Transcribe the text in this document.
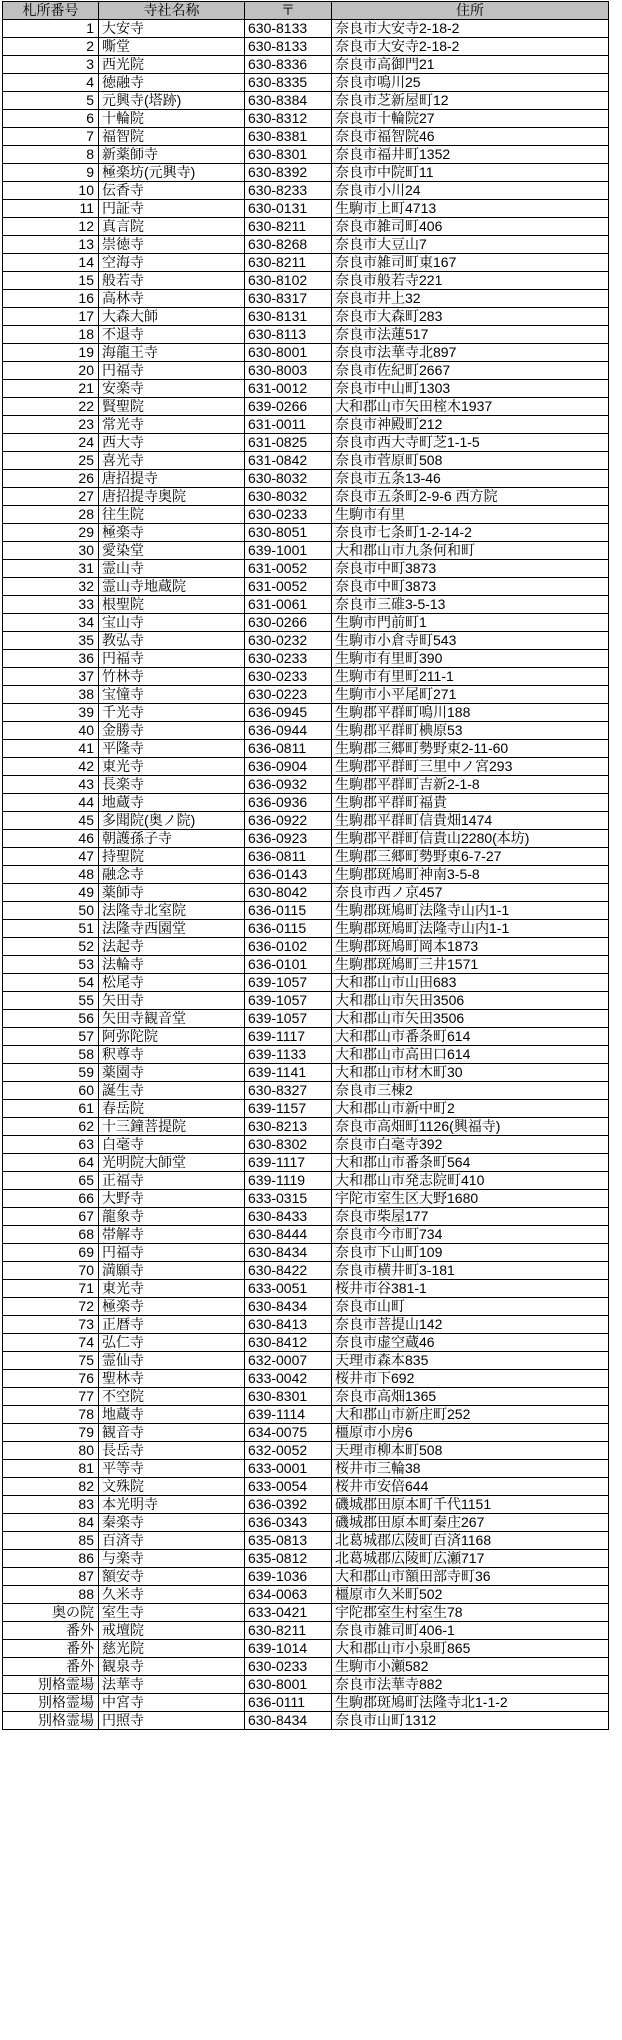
札所番号	寺社名称	〒	住所
1	大安寺	630-8133	奈良市大安寺2-18-2
2	嘶堂	630-8133	奈良市大安寺2-18-2
3	西光院	630-8336	奈良市高御門21
4	徳融寺	630-8335	奈良市鳴川25
5	元興寺(塔跡)	630-8384	奈良市芝新屋町12
6	十輪院	630-8312	奈良市十輪院27
7	福智院	630-8381	奈良市福智院46
8	新薬師寺	630-8301	奈良市福井町1352
9	極楽坊(元興寺)	630-8392	奈良市中院町11
10	伝香寺	630-8233	奈良市小川24
11	円証寺	630-0131	生駒市上町4713
12	真言院	630-8211	奈良市雑司町406
13	崇徳寺	630-8268	奈良市大豆山7
14	空海寺	630-8211	奈良市雑司町東167
15	般若寺	630-8102	奈良市般若寺221
16	高林寺	630-8317	奈良市井上32
17	大森大師	630-8131	奈良市大森町283
18	不退寺	630-8113	奈良市法蓮517
19	海龍王寺	630-8001	奈良市法華寺北897
20	円福寺	630-8003	奈良市佐紀町2667
21	安楽寺	631-0012	奈良市中山町1303
22	賢聖院	639-0266	大和郡山市矢田榁木1937
23	常光寺	631-0011	奈良市神殿町212
24	西大寺	631-0825	奈良市西大寺町芝1-1-5
25	喜光寺	631-0842	奈良市菅原町508
26	唐招提寺	630-8032	奈良市五条13-46
27	唐招提寺奥院	630-8032	奈良市五条町2-9-6 西方院
28	往生院	630-0233	生駒市有里
29	極楽寺	630-8051	奈良市七条町1-2-14-2
30	愛染堂	639-1001	大和郡山市九条何和町
31	霊山寺	631-0052	奈良市中町3873
32	霊山寺地蔵院	631-0052	奈良市中町3873
33	根聖院	631-0061	奈良市三碓3-5-13
34	宝山寺	630-0266	生駒市門前町1
35	教弘寺	630-0232	生駒市小倉寺町543
36	円福寺	630-0233	生駒市有里町390
37	竹林寺	630-0233	生駒市有里町211-1
38	宝憧寺	630-0223	生駒市小平尾町271
39	千光寺	636-0945	生駒郡平群町鳴川188
40	金勝寺	636-0944	生駒郡平群町椣原53
41	平隆寺	636-0811	生駒郡三郷町勢野東2-11-60
42	東光寺	636-0904	生駒郡平群町三里中ノ宮293
43	長楽寺	636-0932	生駒郡平群町吉新2-1-8
44	地蔵寺	636-0936	生駒郡平群町福貴
45	多聞院(奥ノ院)	636-0922	生駒郡平群町信貴畑1474
46	朝護孫子寺	636-0923	生駒郡平群町信貴山2280(本坊)
47	持聖院	636-0811	生駒郡三郷町勢野東6-7-27
48	融念寺	636-0143	生駒郡斑鳩町神南3-5-8
49	薬師寺	630-8042	奈良市西ノ京457
50	法隆寺北室院	636-0115	生駒郡斑鳩町法隆寺山内1-1
51	法隆寺西園堂	636-0115	生駒郡斑鳩町法隆寺山内1-1
52	法起寺	636-0102	生駒郡斑鳩町岡本1873
53	法輪寺	636-0101	生駒郡斑鳩町三井1571
54	松尾寺	639-1057	大和郡山市山田683
55	矢田寺	639-1057	大和郡山市矢田3506
56	矢田寺観音堂	639-1057	大和郡山市矢田3506
57	阿弥陀院	639-1117	大和郡山市番条町614
58	釈尊寺	639-1133	大和郡山市高田口614
59	薬園寺	639-1141	大和郡山市材木町30
60	誕生寺	630-8327	奈良市三棟2
61	春岳院	639-1157	大和郡山市新中町2
62	十三鐘菩提院	630-8213	奈良市高畑町1126(興福寺)
63	白毫寺	630-8302	奈良市白毫寺392
64	光明院大師堂	639-1117	大和郡山市番条町564
65	正福寺	639-1119	大和郡山市発志院町410
66	大野寺	633-0315	宇陀市室生区大野1680
67	龍象寺	630-8433	奈良市柴屋177
68	帯解寺	630-8444	奈良市今市町734
69	円福寺	630-8434	奈良市下山町109
70	満願寺	630-8422	奈良市横井町3-181
71	東光寺	633-0051	桜井市谷381-1
72	極楽寺	630-8434	奈良市山町
73	正暦寺	630-8413	奈良市菩提山142
74	弘仁寺	630-8412	奈良市虚空蔵46
75	霊仙寺	632-0007	天理市森本835
76	聖林寺	633-0042	桜井市下692
77	不空院	630-8301	奈良市高畑1365
78	地蔵寺	639-1114	大和郡山市新庄町252
79	観音寺	634-0075	橿原市小房6
80	長岳寺	632-0052	天理市柳本町508
81	平等寺	633-0001	桜井市三輪38
82	文殊院	633-0054	桜井市安倍644
83	本光明寺	636-0392	磯城郡田原本町千代1151
84	秦楽寺	636-0343	磯城郡田原本町秦庄267
85	百済寺	635-0813	北葛城郡広陵町百済1168
86	与楽寺	635-0812	北葛城郡広陵町広瀬717
87	額安寺	639-1036	大和郡山市額田部寺町36
88	久米寺	634-0063	橿原市久米町502
奥の院	室生寺	633-0421	宇陀郡室生村室生78
番外	戒壇院	630-8211	奈良市雑司町406-1
番外	慈光院	639-1014	大和郡山市小泉町865
番外	観泉寺	630-0233	生駒市小瀬582
別格霊場	法華寺	630-8001	奈良市法華寺882
別格霊場	中宮寺	636-0111	生駒郡斑鳩町法隆寺北1-1-2
別格霊場	円照寺	630-8434	奈良市山町1312
